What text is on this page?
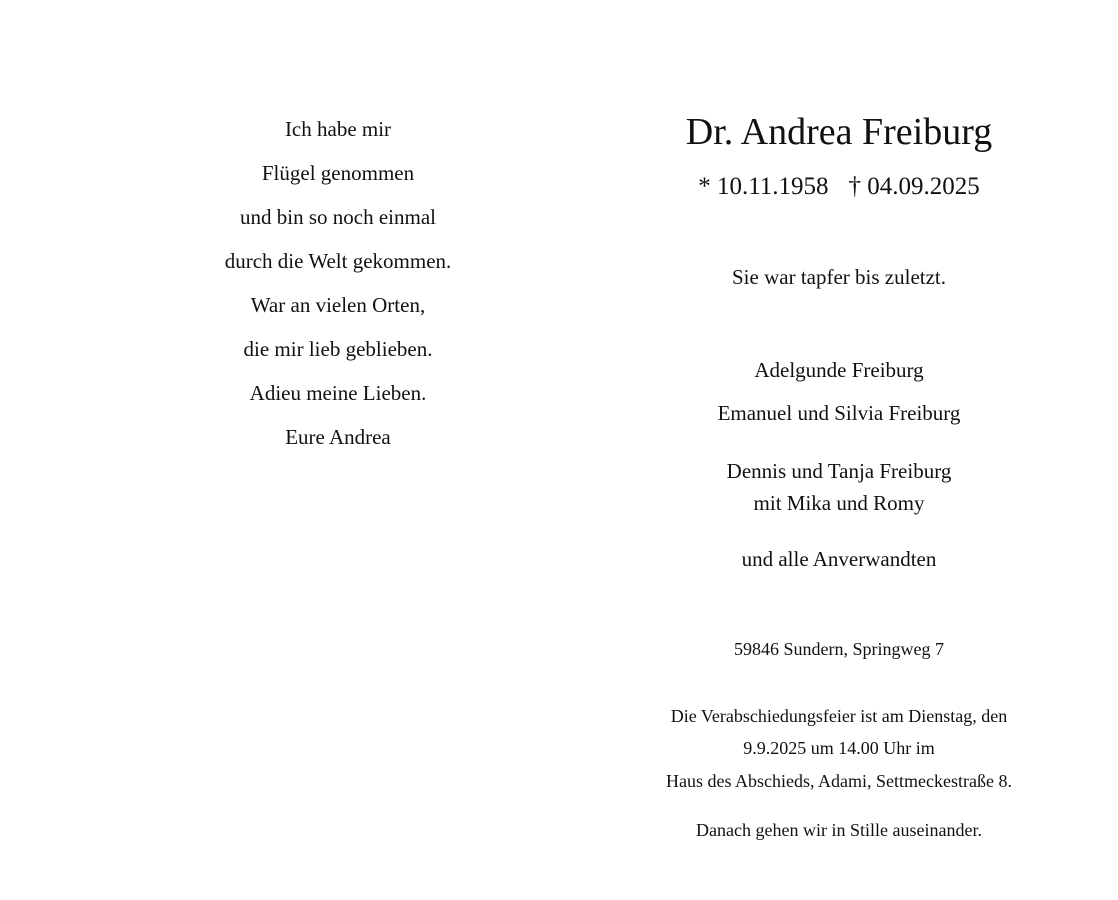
Ich habe mir
Flügel genommen
und bin so noch einmal
durch die Welt gekommen.
War an vielen Orten,
die mir lieb geblieben.
Adieu meine Lieben.
Eure Andrea
Dr. Andrea Freiburg
* 10.11.1958 † 04.09.2025
Sie war tapfer bis zuletzt.
Adelgunde Freiburg
Emanuel und Silvia Freiburg
Dennis und Tanja Freiburg
mit Mika und Romy
und alle Anverwandten
59846 Sundern, Springweg 7
Die Verabschiedungsfeier ist am Dienstag, den
9.9.2025 um 14.00 Uhr im
Haus des Abschieds, Adami, Settmeckestraße 8.
Danach gehen wir in Stille auseinander.
